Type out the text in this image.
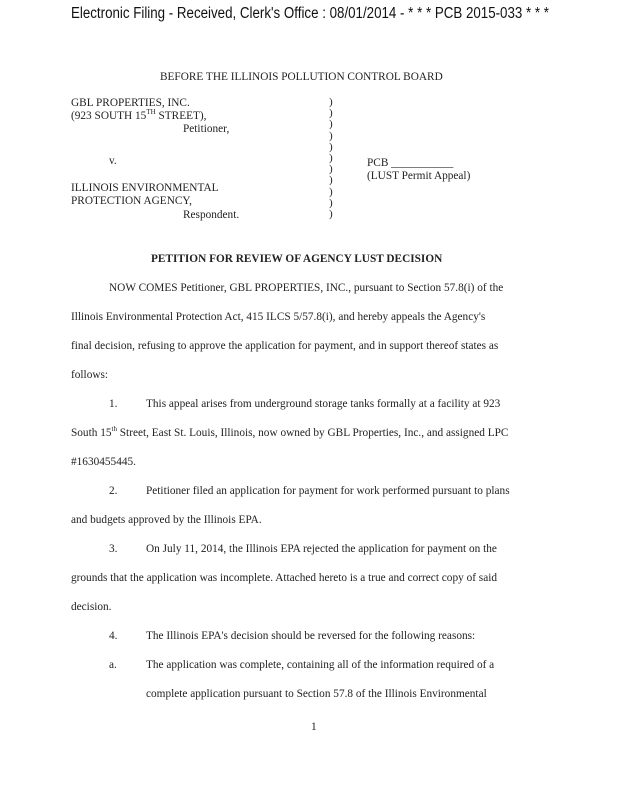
Electronic Filing - Received, Clerk's Office : 08/01/2014 - * * * PCB 2015-033 * * *
BEFORE THE ILLINOIS POLLUTION CONTROL BOARD
GBL PROPERTIES, INC.
(923 SOUTH 15TH STREET),
Petitioner,
v.
ILLINOIS ENVIRONMENTAL
PROTECTION AGENCY,
Respondent.
)
)
)
)
)
)
)
)
)
)
)
PCB ___________
(LUST Permit Appeal)
PETITION FOR REVIEW OF AGENCY LUST DECISION
NOW COMES Petitioner, GBL PROPERTIES, INC., pursuant to Section 57.8(i) of the
Illinois Environmental Protection Act, 415 ILCS 5/57.8(i), and hereby appeals the Agency's
final decision, refusing to approve the application for payment, and in support thereof states as
follows:
1.	This appeal arises from underground storage tanks formally at a facility at 923
South 15th Street, East St. Louis, Illinois, now owned by GBL Properties, Inc., and assigned LPC
#1630455445.
2.	Petitioner filed an application for payment for work performed pursuant to plans
and budgets approved by the Illinois EPA.
3.	On July 11, 2014, the Illinois EPA rejected the application for payment on the
grounds that the application was incomplete. Attached hereto is a true and correct copy of said
decision.
4.	The Illinois EPA's decision should be reversed for the following reasons:
a.	The application was complete, containing all of the information required of a
complete application pursuant to Section 57.8 of the Illinois Environmental
1
